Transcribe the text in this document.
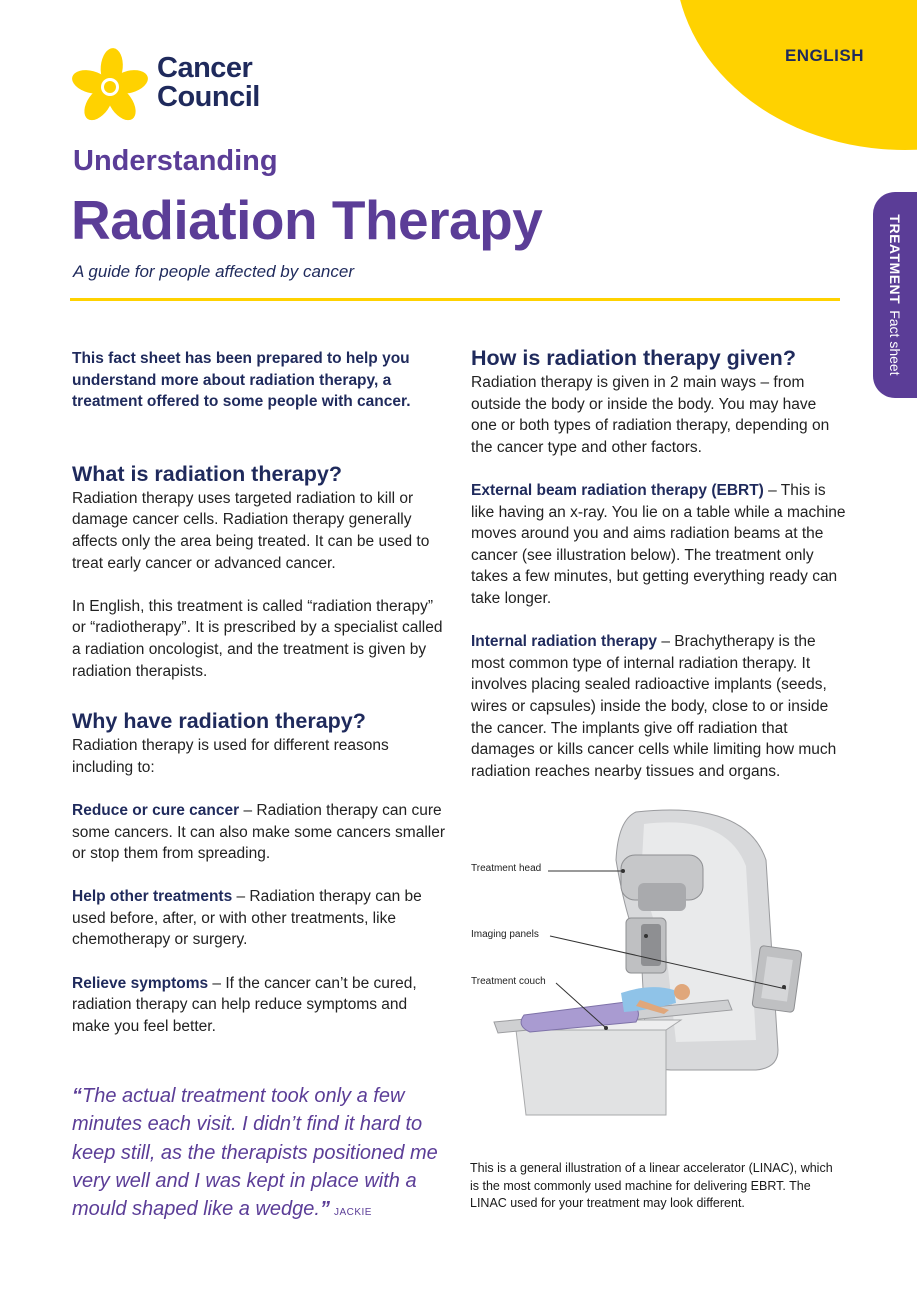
ENGLISH
TREATMENTFact sheet
Cancer
Council
Understanding
Radiation Therapy
A guide for people affected by cancer

This fact sheet has been prepared to help you understand more about radiation therapy, a treatment offered to some people with cancer.

What is radiation therapy?

Radiation therapy uses targeted radiation to kill or damage cancer cells. Radiation therapy generally affects only the area being treated. It can be used to treat early cancer or advanced cancer.

In English, this treatment is called “radiation therapy” or “radiotherapy”. It is prescribed by a specialist called a radiation oncologist, and the treatment is given by radiation therapists.

Why have radiation therapy?

Radiation therapy is used for different reasons including to:

Reduce or cure cancer – Radiation therapy can cure some cancers. It can also make some cancers smaller or stop them from spreading.

Help other treatments – Radiation therapy can be used before, after, or with other treatments, like chemotherapy or surgery.

Relieve symptoms – If the cancer can’t be cured, radiation therapy can help reduce symptoms and make you feel better.

“The actual treatment took only a few minutes each visit. I didn’t find it hard to keep still, as the therapists positioned me very well and I was kept in place with a mould shaped like a wedge.” JACKIE
How is radiation therapy given?

Radiation therapy is given in 2 main ways – from outside the body or inside the body. You may have one or both types of radiation therapy, depending on the cancer type and other factors.

External beam radiation therapy (EBRT) – This is like having an x-ray. You lie on a table while a machine moves around you and aims radiation beams at the cancer (see illustration below). The treatment only takes a few minutes, but getting everything ready can take longer.

Internal radiation therapy – Brachytherapy is the most common type of internal radiation therapy. It involves placing sealed radioactive implants (seeds, wires or capsules) inside the body, close to or inside the cancer. The implants give off radiation that damages or kills cancer cells while limiting how much radiation reaches nearby tissues and organs.

Treatment head
Imaging panels
Treatment couch
This is a general illustration of a linear accelerator (LINAC), which is the most commonly used machine for delivering EBRT. The LINAC used for your treatment may look different.
